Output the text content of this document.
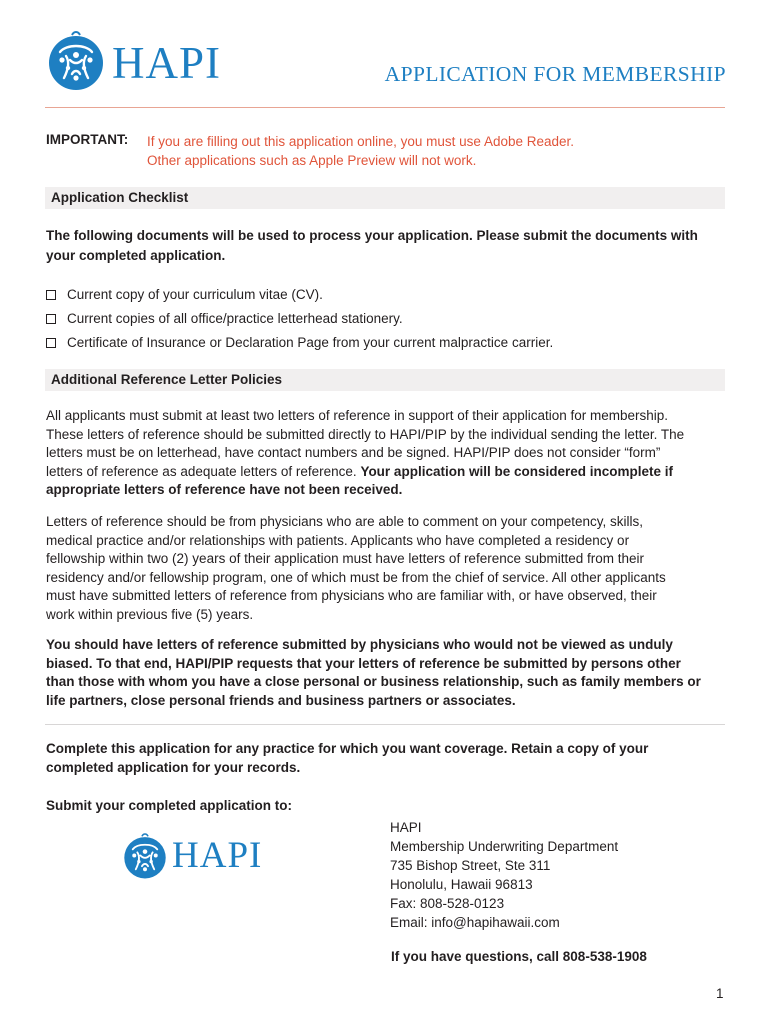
HAPI	APPLICATION FOR MEMBERSHIP
IMPORTANT: If you are filling out this application online, you must use Adobe Reader.
Other applications such as Apple Preview will not work.
Application Checklist
The following documents will be used to process your application. Please submit the documents with
your completed application.
Current copy of your curriculum vitae (CV).
Current copies of all office/practice letterhead stationery.
Certificate of Insurance or Declaration Page from your current malpractice carrier.
Additional Reference Letter Policies
All applicants must submit at least two letters of reference in support of their application for membership.
These letters of reference should be submitted directly to HAPI/PIP by the individual sending the letter. The
letters must be on letterhead, have contact numbers and be signed. HAPI/PIP does not consider “form”
letters of reference as adequate letters of reference. Your application will be considered incomplete if
appropriate letters of reference have not been received.
Letters of reference should be from physicians who are able to comment on your competency, skills,
medical practice and/or relationships with patients. Applicants who have completed a residency or
fellowship within two (2) years of their application must have letters of reference submitted from their
residency and/or fellowship program, one of which must be from the chief of service. All other applicants
must have submitted letters of reference from physicians who are familiar with, or have observed, their
work within previous five (5) years.
You should have letters of reference submitted by physicians who would not be viewed as unduly
biased. To that end, HAPI/PIP requests that your letters of reference be submitted by persons other
than those with whom you have a close personal or business relationship, such as family members or
life partners, close personal friends and business partners or associates.
Complete this application for any practice for which you want coverage. Retain a copy of your
completed application for your records.
Submit your completed application to:
HAPI
HAPI
Membership Underwriting Department
735 Bishop Street, Ste 311
Honolulu, Hawaii 96813
Fax: 808-528-0123
Email: info@hapihawaii.com
If you have questions, call 808-538-1908
1
